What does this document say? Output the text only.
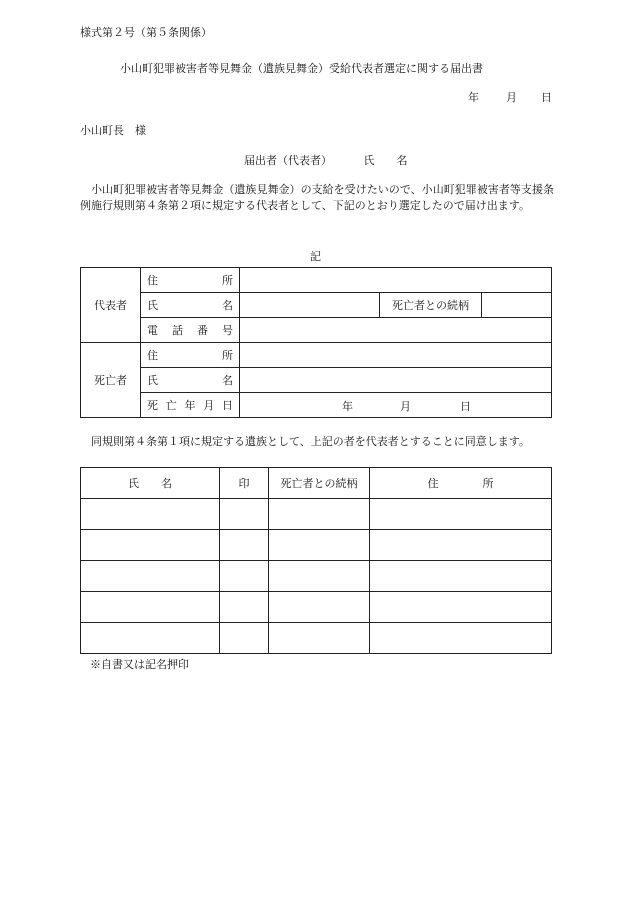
様式第２号（第５条関係）
小山町犯罪被害者等見舞金（遺族見舞金）受給代表者選定に関する届出書
年 月 日
小山町長　様
届出者（代表者）	氏　　名
小山町犯罪被害者等見舞金（遺族見舞金）の支給を受けたいので、小山町犯罪被害者等支援条例施行規則第４条第２項に規定する代表者として、下記のとおり選定したので届け出ます。
記
代表者	住 所			

	氏 名		死亡者との続柄	

	電 話 番 号			

死亡者	住 所			

	氏 名			

	死 亡 年 月 日	年 月 日		
同規則第４条第１項に規定する遺族として、上記の者を代表者とすることに同意します。
氏　　名	印	死亡者との続柄	住　　　　所

※自書又は記名押印
